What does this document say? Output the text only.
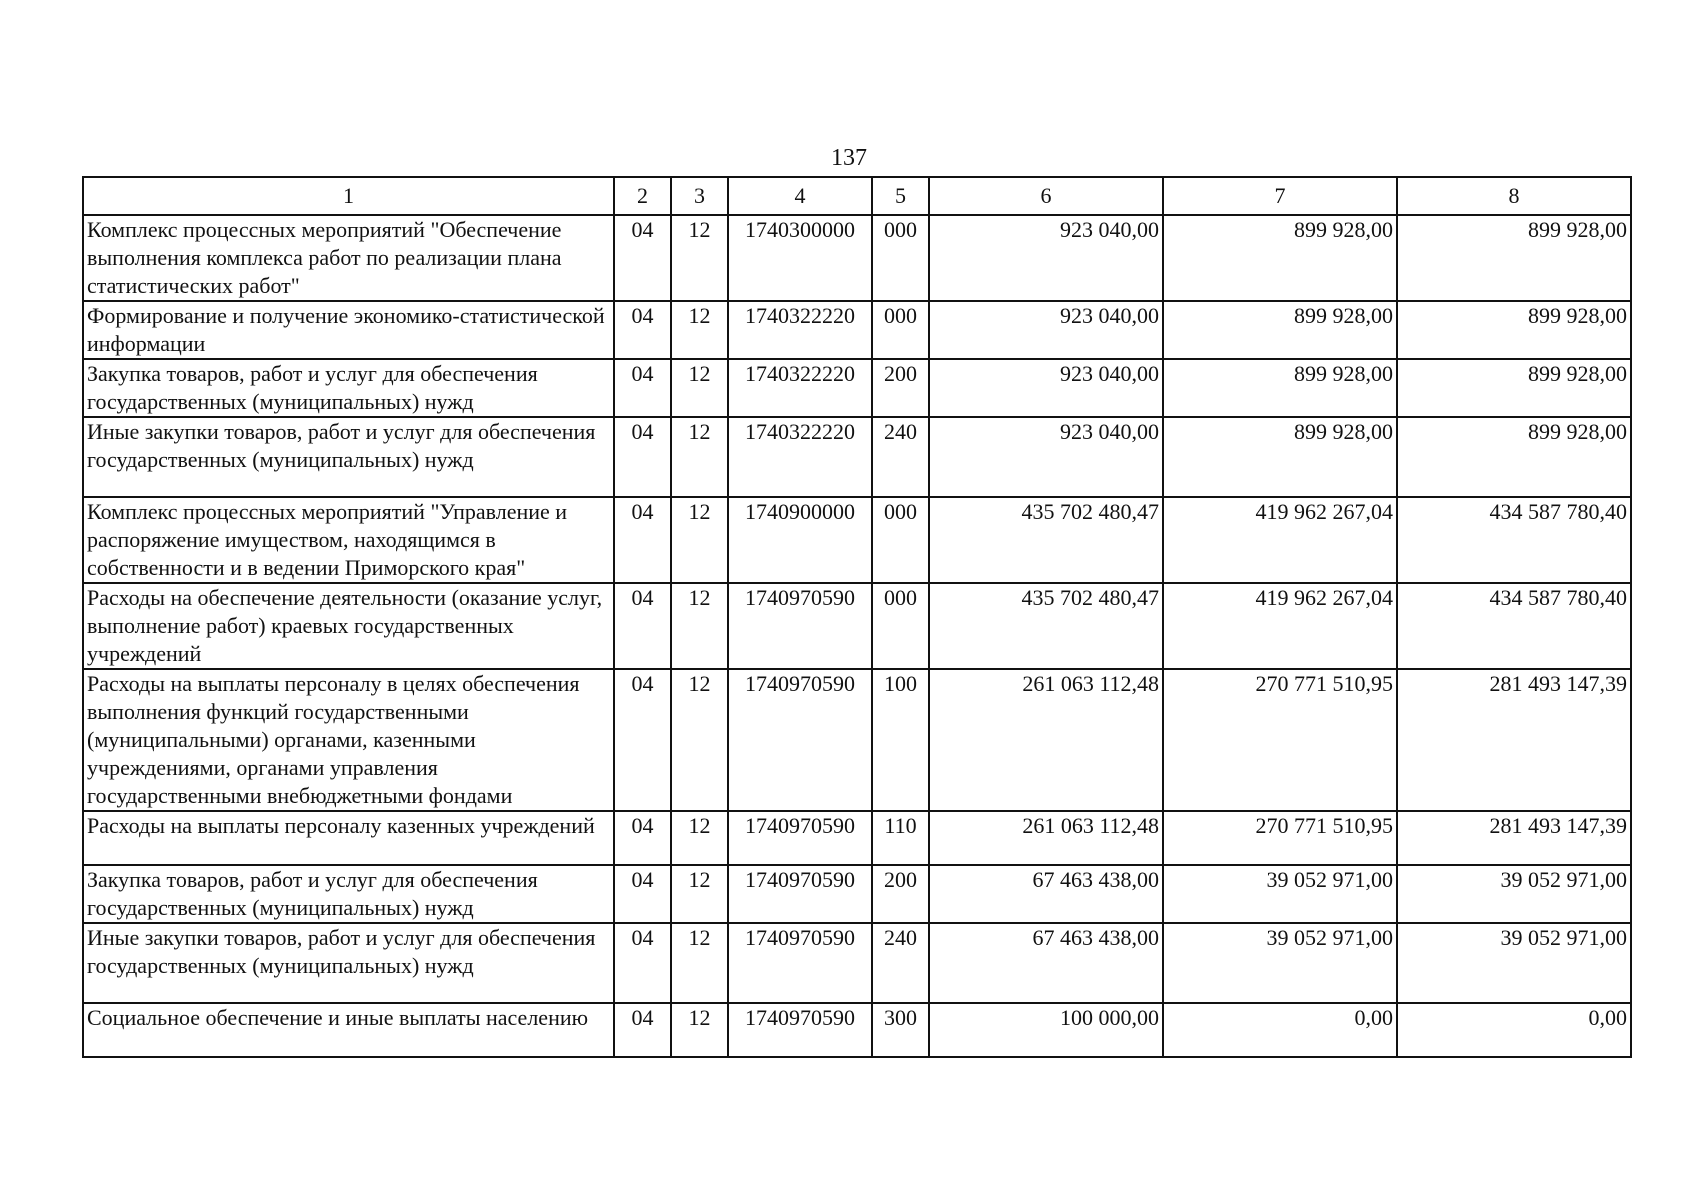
137
1	2	3	4	5	6	7	8
Комплекс процессных мероприятий "Обеспечение выполнения комплекса работ по реализации плана статистических работ"	04	12	1740300000	000	923 040,00	899 928,00	899 928,00
Формирование и получение экономико-статистической информации	04	12	1740322220	000	923 040,00	899 928,00	899 928,00
Закупка товаров, работ и услуг для обеспечения государственных (муниципальных) нужд	04	12	1740322220	200	923 040,00	899 928,00	899 928,00
Иные закупки товаров, работ и услуг для обеспечения государственных (муниципальных) нужд	04	12	1740322220	240	923 040,00	899 928,00	899 928,00
Комплекс процессных мероприятий "Управление и распоряжение имуществом, находящимся в собственности и в ведении Приморского края"	04	12	1740900000	000	435 702 480,47	419 962 267,04	434 587 780,40
Расходы на обеспечение деятельности (оказание услуг, выполнение работ) краевых государственных учреждений	04	12	1740970590	000	435 702 480,47	419 962 267,04	434 587 780,40
Расходы на выплаты персоналу в целях обеспечения выполнения функций государственными (муниципальными) органами, казенными учреждениями, органами управления государственными внебюджетными фондами	04	12	1740970590	100	261 063 112,48	270 771 510,95	281 493 147,39
Расходы на выплаты персоналу казенных учреждений	04	12	1740970590	110	261 063 112,48	270 771 510,95	281 493 147,39
Закупка товаров, работ и услуг для обеспечения государственных (муниципальных) нужд	04	12	1740970590	200	67 463 438,00	39 052 971,00	39 052 971,00
Иные закупки товаров, работ и услуг для обеспечения государственных (муниципальных) нужд	04	12	1740970590	240	67 463 438,00	39 052 971,00	39 052 971,00
Социальное обеспечение и иные выплаты населению	04	12	1740970590	300	100 000,00	0,00	0,00
